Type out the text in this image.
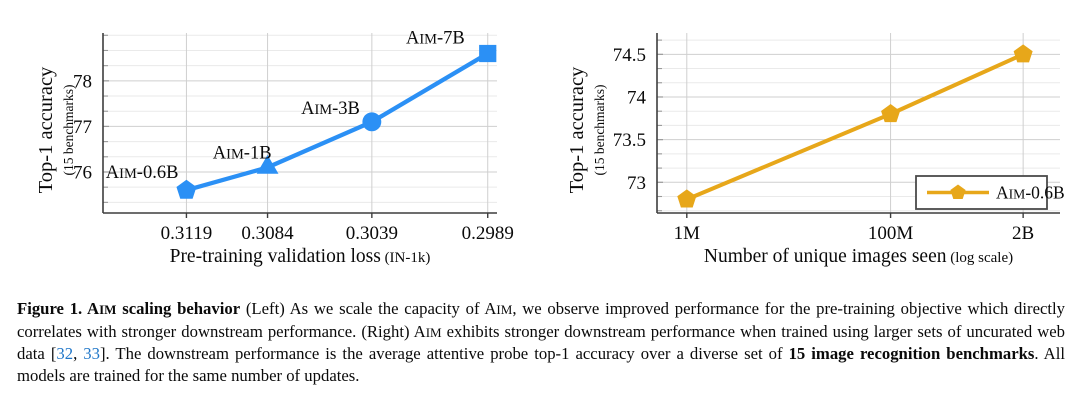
0.3119 0.3084	0.3039	0.2989
76
77
78
Pre-training validation loss (IN-1k)
Top-1 accuracy (15 benchmarks) AIM-0.6B
AIM-1B
AIM-3B
AIM-7B
1M	100M	2B
73
73.5
74
74.5
Number of unique images seen (log scale)
Top-1 accuracy (15 benchmarks)
AIM-0.6B

Figure 1. AIM scaling behavior (Left) As we scale the capacity of AIM, we observe improved performance for the pre-training objective which directly correlates with stronger downstream performance. (Right) AIM exhibits stronger downstream performance when trained using larger sets of uncurated web data [32, 33]. The downstream performance is the average attentive probe top-1 accuracy over a diverse set of 15 image recognition benchmarks. All models are trained for the same number of updates.
